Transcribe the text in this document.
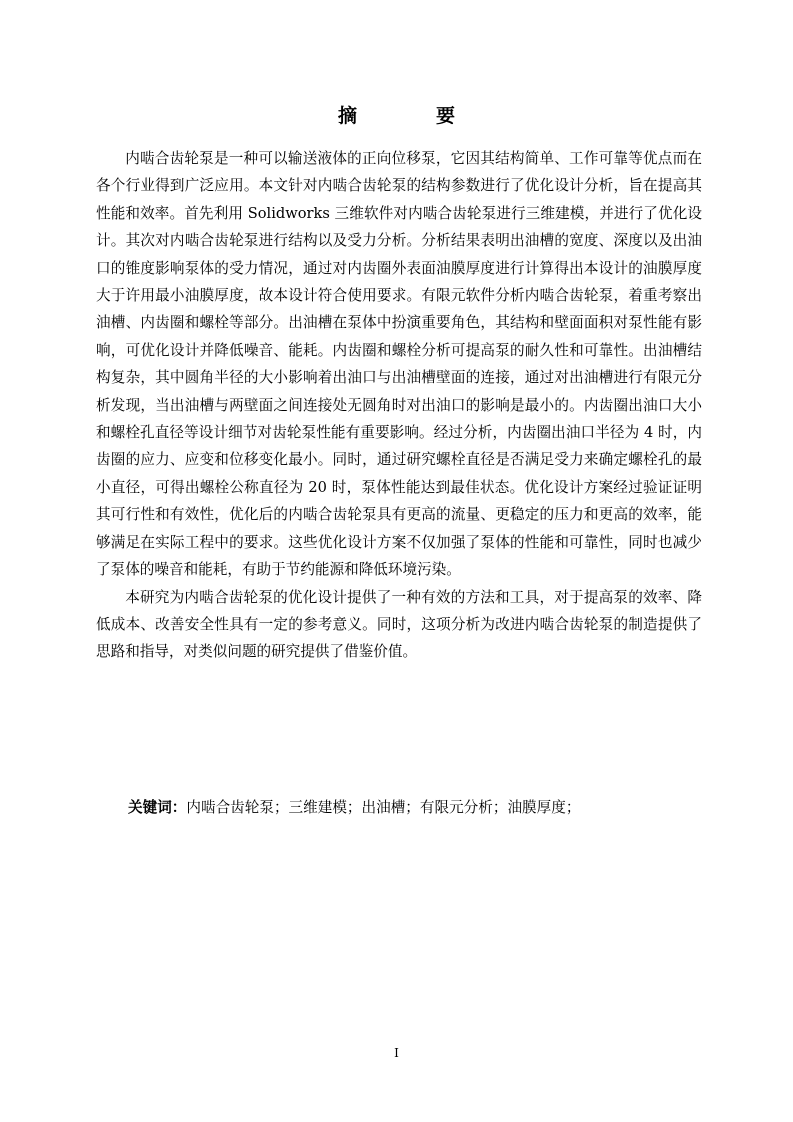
摘　要

内啮合齿轮泵是一种可以输送液体的正向位移泵，它因其结构简单、工作可靠等优点而在各个行业得到广泛应用。本文针对内啮合齿轮泵的结构参数进行了优化设计分析，旨在提高其性能和效率。首先利用 Solidworks 三维软件对内啮合齿轮泵进行三维建模，并进行了优化设计。其次对内啮合齿轮泵进行结构以及受力分析。分析结果表明出油槽的宽度、深度以及出油口的锥度影响泵体的受力情况，通过对内齿圈外表面油膜厚度进行计算得出本设计的油膜厚度大于许用最小油膜厚度，故本设计符合使用要求。有限元软件分析内啮合齿轮泵，着重考察出油槽、内齿圈和螺栓等部分。出油槽在泵体中扮演重要角色，其结构和壁面面积对泵性能有影响，可优化设计并降低噪音、能耗。内齿圈和螺栓分析可提高泵的耐久性和可靠性。出油槽结构复杂，其中圆角半径的大小影响着出油口与出油槽壁面的连接，通过对出油槽进行有限元分析发现，当出油槽与两壁面之间连接处无圆角时对出油口的影响是最小的。内齿圈出油口大小和螺栓孔直径等设计细节对齿轮泵性能有重要影响。经过分析，内齿圈出油口半径为 4 时，内齿圈的应力、应变和位移变化最小。同时，通过研究螺栓直径是否满足受力来确定螺栓孔的最小直径，可得出螺栓公称直径为 20 时，泵体性能达到最佳状态。优化设计方案经过验证证明其可行性和有效性，优化后的内啮合齿轮泵具有更高的流量、更稳定的压力和更高的效率，能够满足在实际工程中的要求。这些优化设计方案不仅加强了泵体的性能和可靠性，同时也减少了泵体的噪音和能耗，有助于节约能源和降低环境污染。

本研究为内啮合齿轮泵的优化设计提供了一种有效的方法和工具，对于提高泵的效率、降低成本、改善安全性具有一定的参考意义。同时，这项分析为改进内啮合齿轮泵的制造提供了思路和指导，对类似问题的研究提供了借鉴价值。

关键词：内啮合齿轮泵；三维建模；出油槽；有限元分析；油膜厚度；
I
